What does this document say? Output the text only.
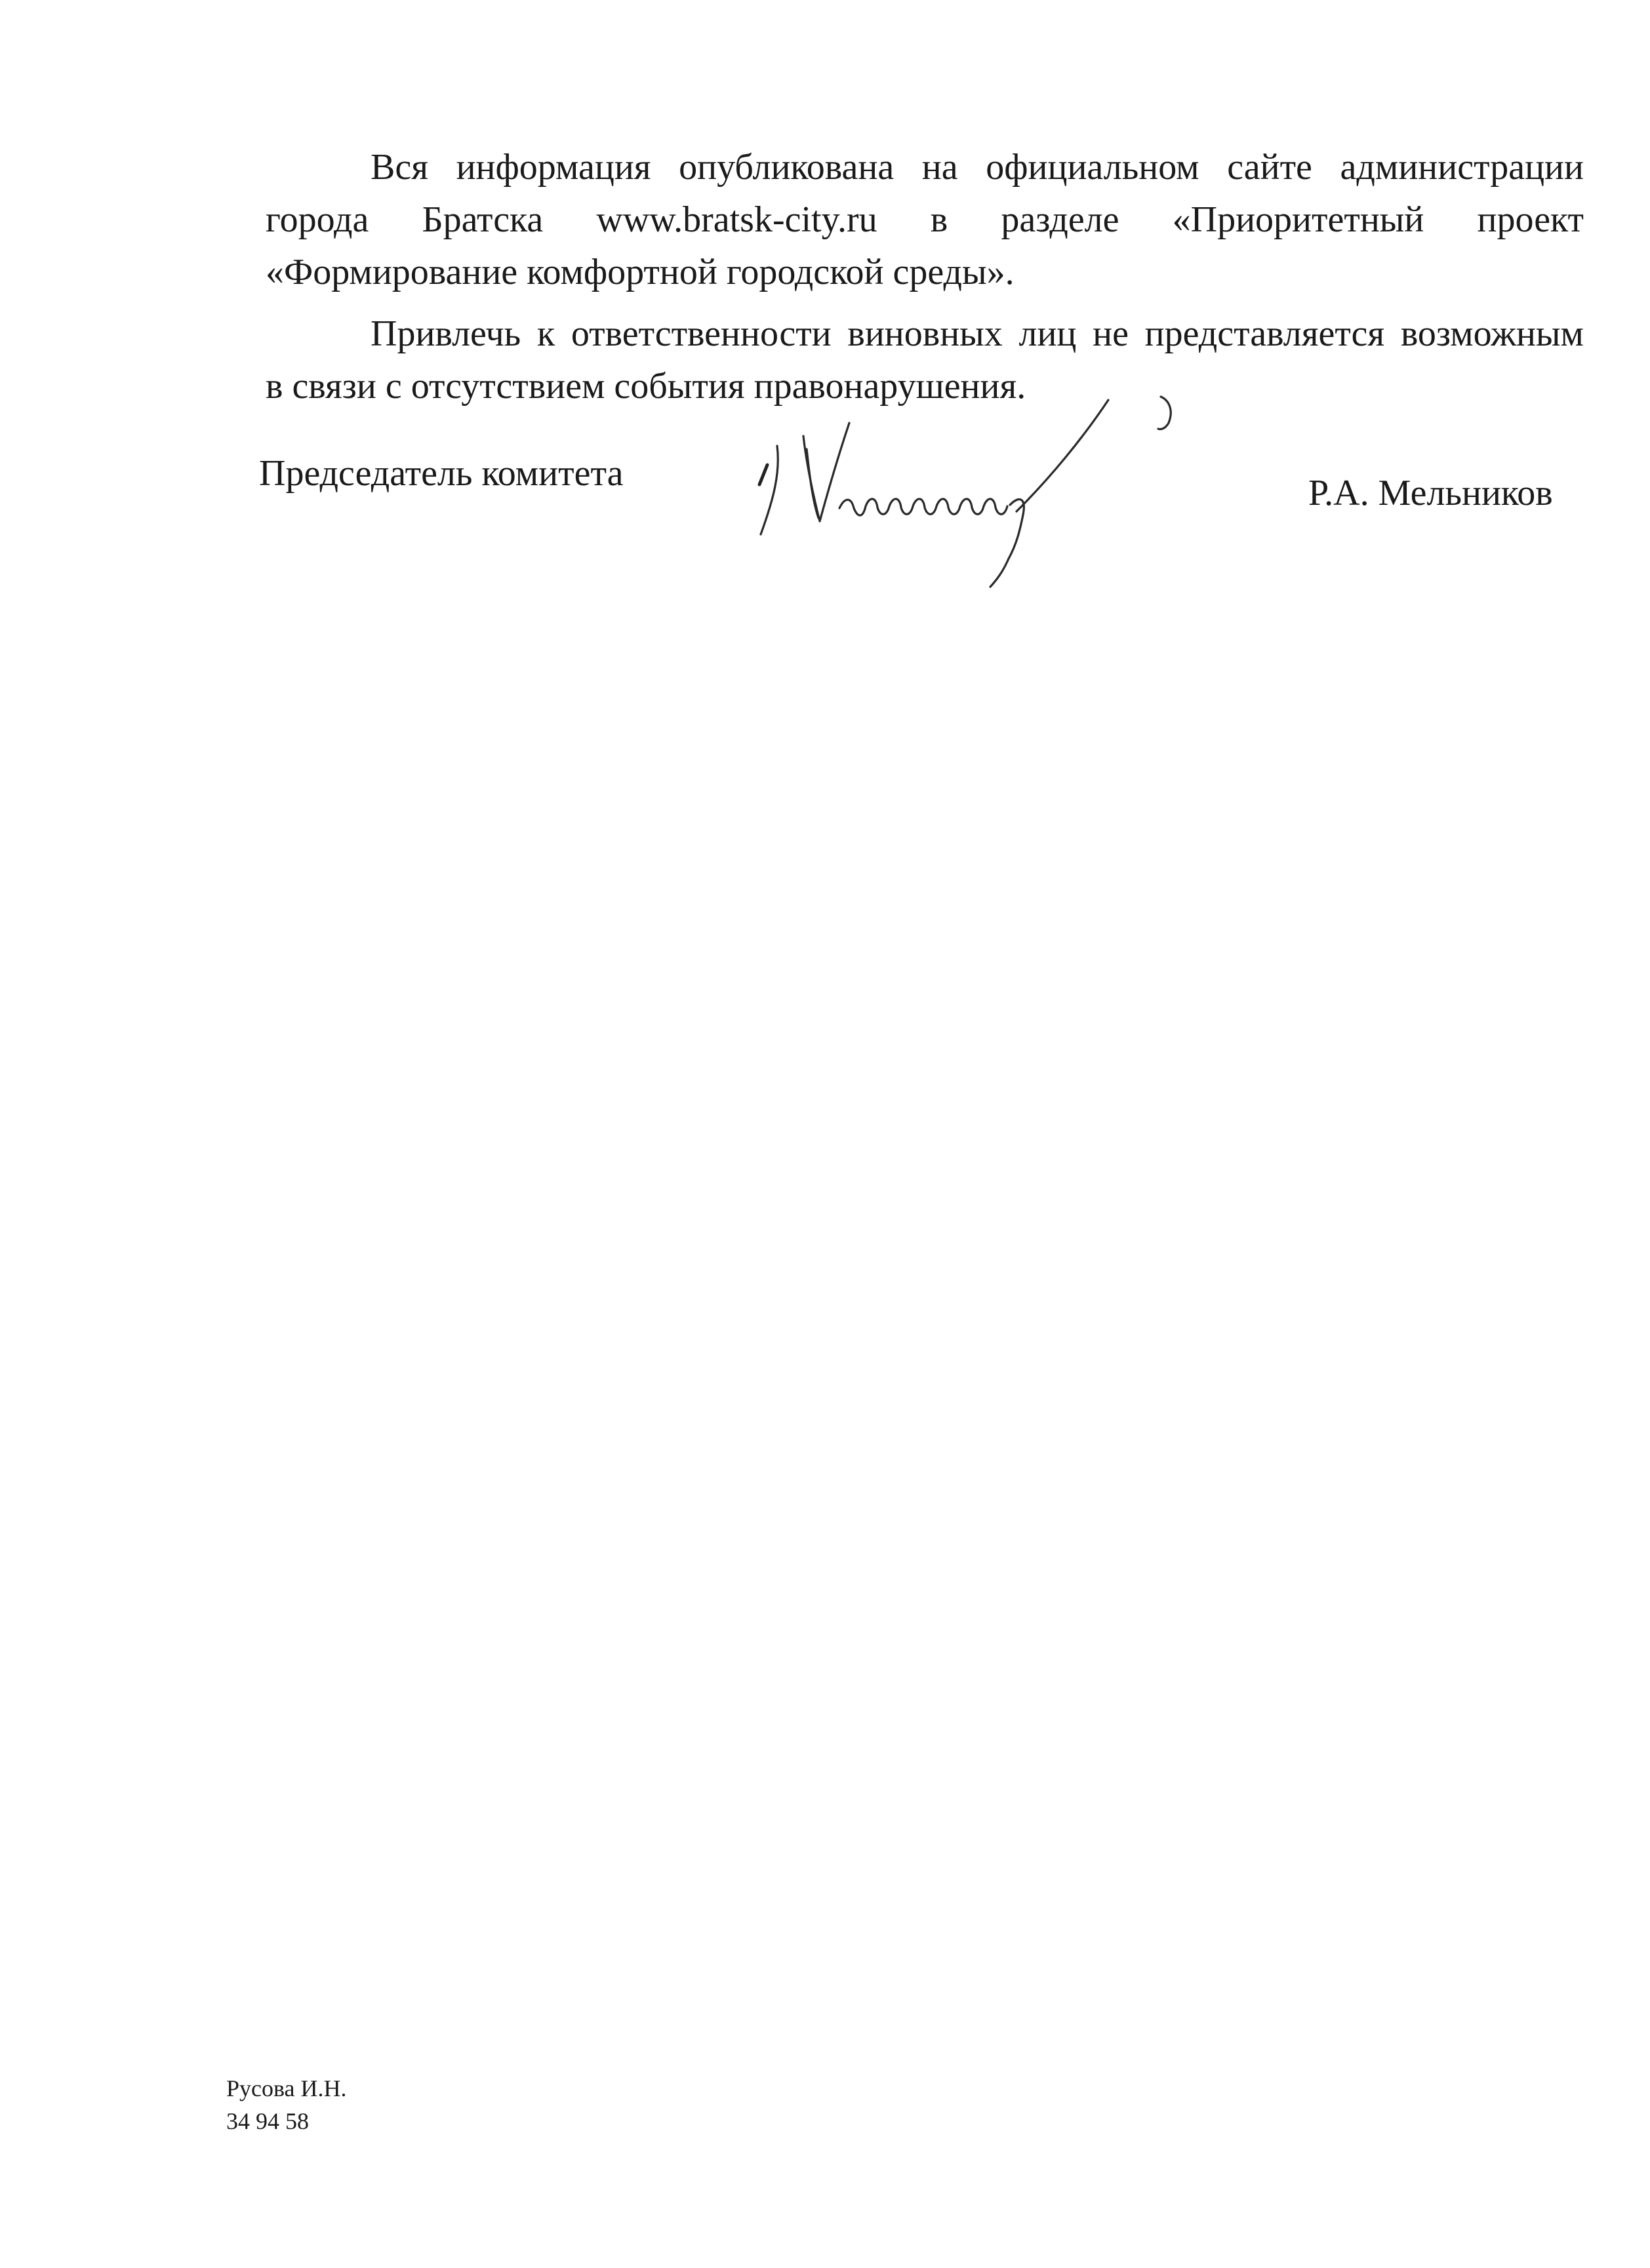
Вся информация опубликована на официальном сайте администрации
города Братска www.bratsk-city.ru в разделе «Приоритетный проект
«Формирование комфортной городской среды».

Привлечь к ответственности виновных лиц не представляется возможным
в связи с отсутствием события правонарушения.

Председатель комитета	Р.А. Мельников
Русова И.Н.
34 94 58
